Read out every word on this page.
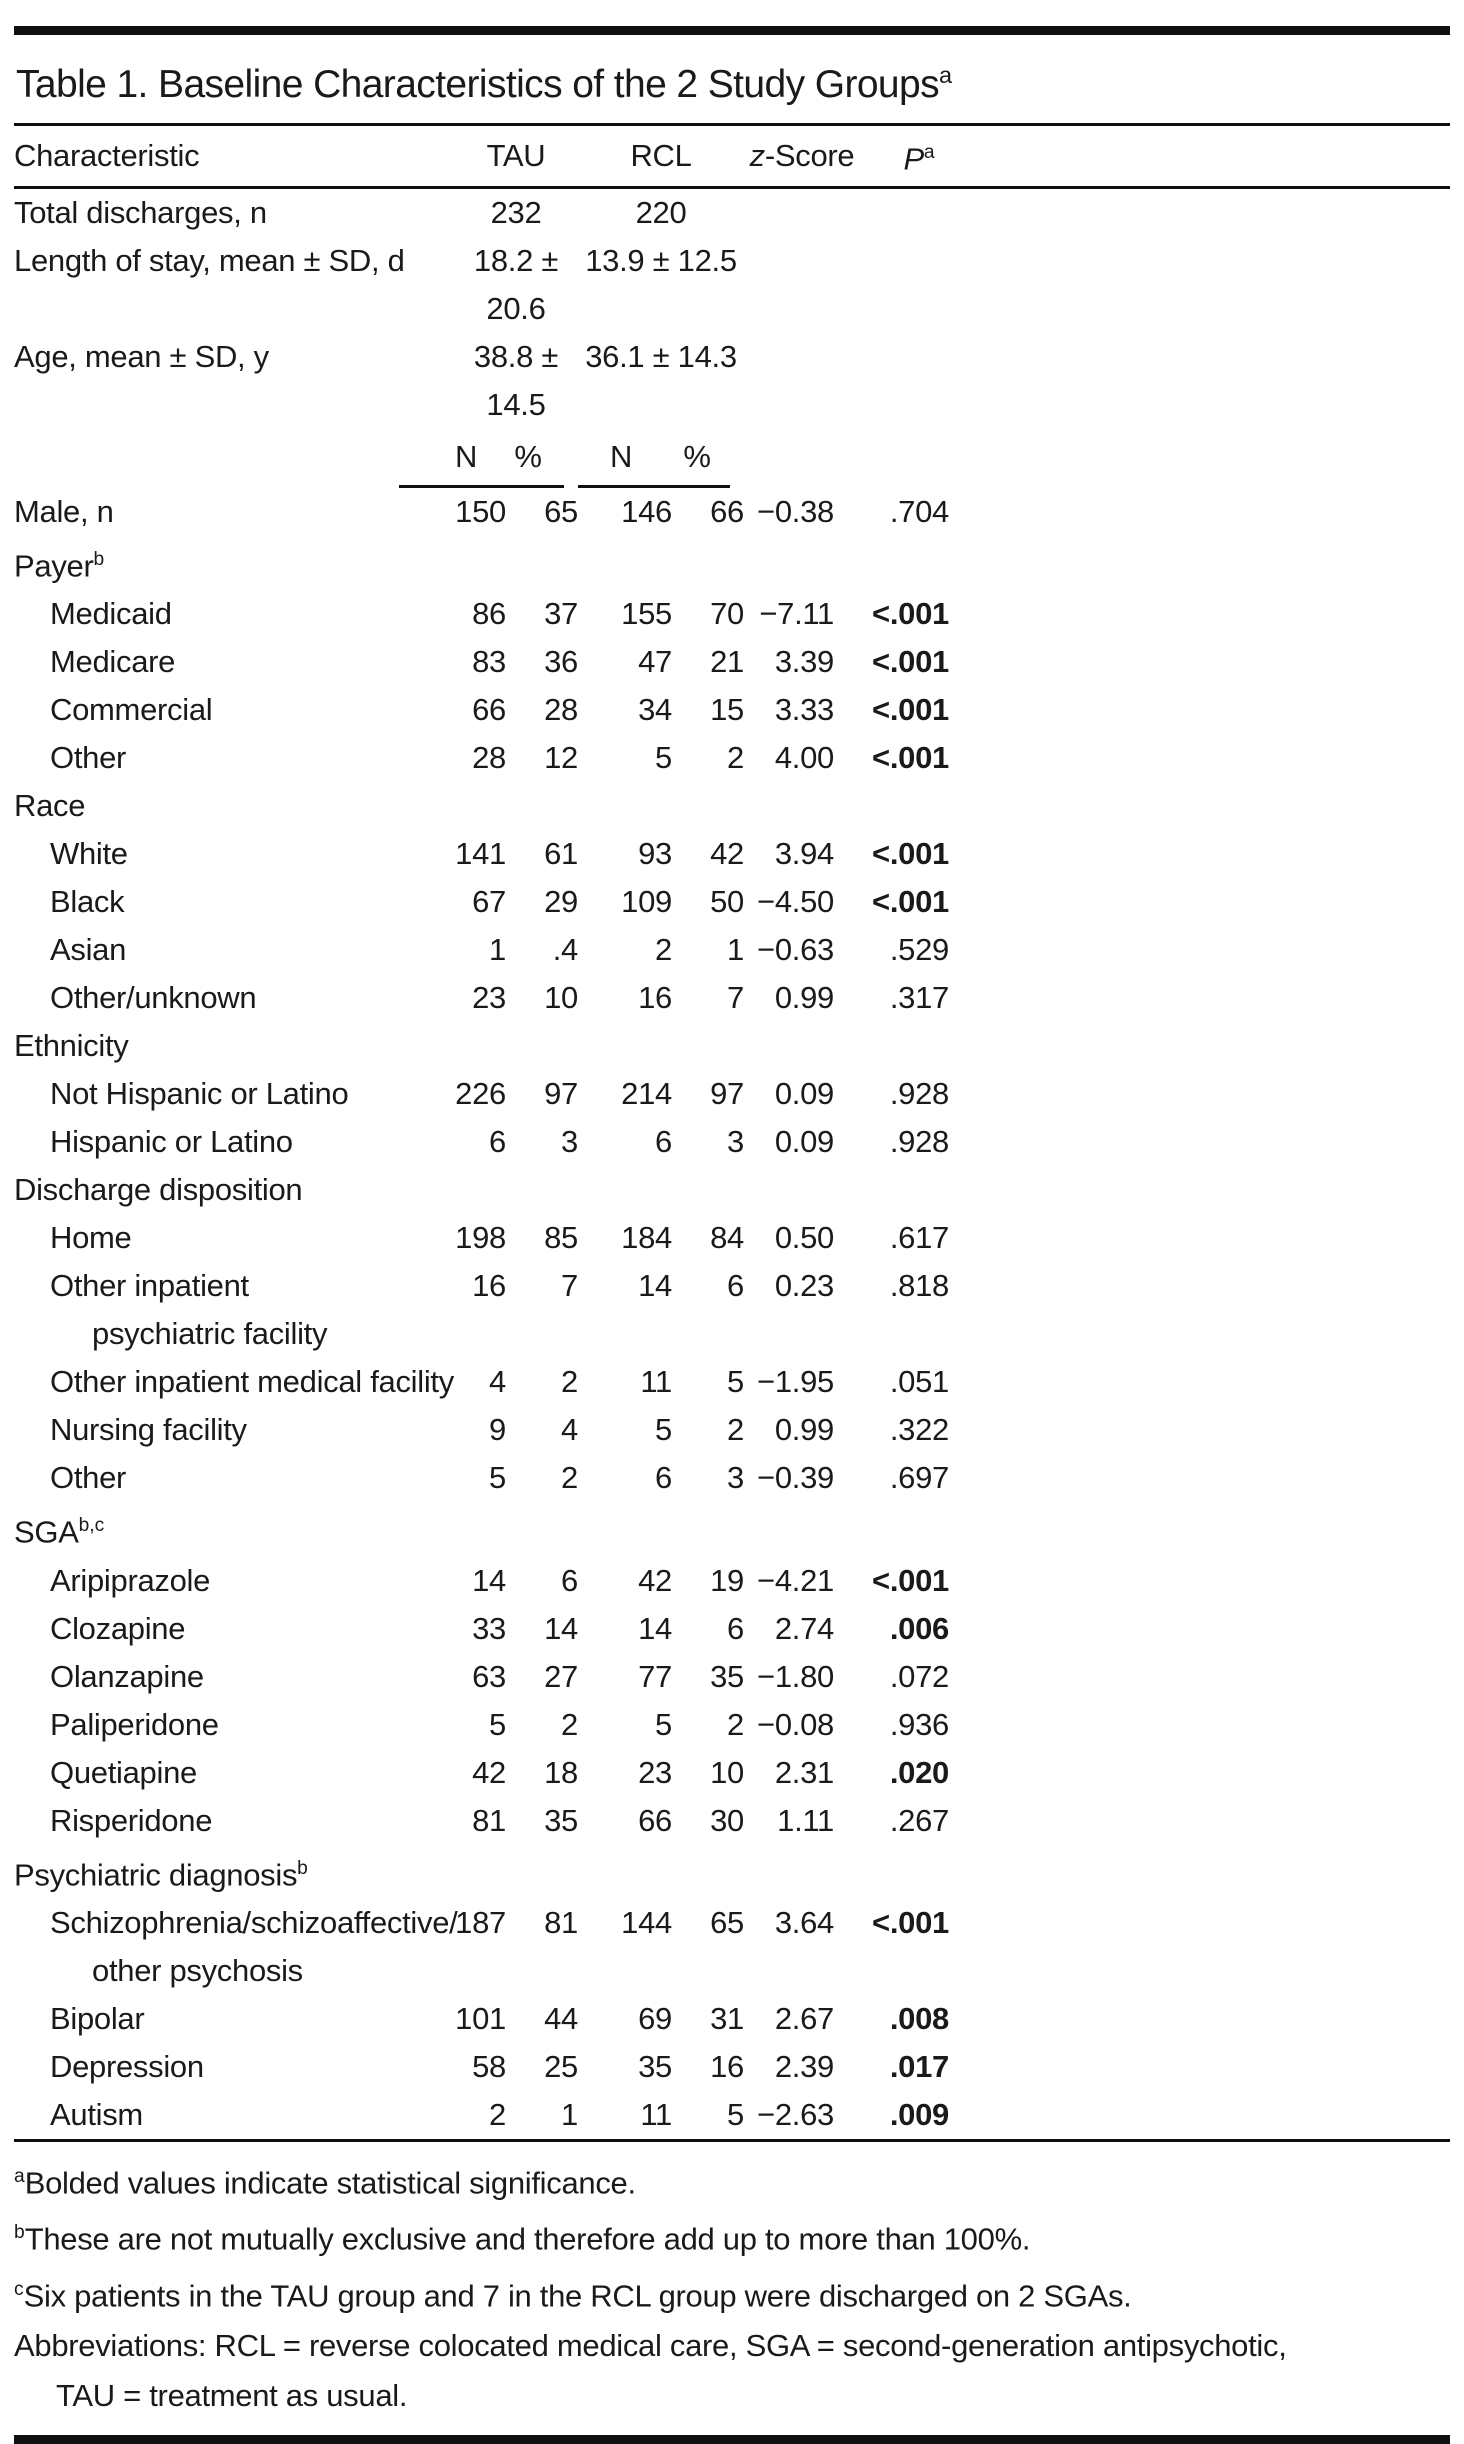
Table 1. Baseline Characteristics of the 2 Study Groups$^a$
Characteristic	TAU		RCL		z-Score	$P^a$	

Total discharges, n	232		220				

Length of stay, mean ± SD, d	18.2 ± 20.6		13.9 ± 12.5				

Age, mean ± SD, y	38.8 ± 14.5		36.1 ± 14.3				

	N %		N %				

Male, n	150	65	146	66	−0.38	.704	

Payer$^b$

Medicaid	86	37	155	70	−7.11	<.001	

Medicare	83	36	47	21	3.39	<.001	

Commercial	66	28	34	15	3.33	<.001	

Other	28	12	5	2	4.00	<.001	

Race							

White	141	61	93	42	3.94	<.001	

Black	67	29	109	50	−4.50	<.001	

Asian	1	.4	2	1	−0.63	.529	

Other/unknown	23	10	16	7	0.99	.317	

Ethnicity							

Not Hispanic or Latino	226	97	214	97	0.09	.928	

Hispanic or Latino	6	3	6	3	0.09	.928	

Discharge disposition							

Home	198	85	184	84	0.50	.617	

Other inpatient
psychiatric facility	16	7	14	6	0.23	.818	

Other inpatient medical facility	4	2	11	5	−1.95	.051	

Nursing facility	9	4	5	2	0.99	.322	

Other	5	2	6	3	−0.39	.697	

SGA$^{b,c}$

Aripiprazole	14	6	42	19	−4.21	<.001	

Clozapine	33	14	14	6	2.74	.006	

Olanzapine	63	27	77	35	−1.80	.072	

Paliperidone	5	2	5	2	−0.08	.936	

Quetiapine	42	18	23	10	2.31	.020	

Risperidone	81	35	66	30	1.11	.267	

Psychiatric diagnosis$^b$

Schizophrenia/schizoaffective/
other psychosis	187	81	144	65	3.64	<.001	

Bipolar	101	44	69	31	2.67	.008	

Depression	58	25	35	16	2.39	.017	

Autism	2	1	11	5	−2.63	.009	
$^a$Bolded values indicate statistical significance.
$^b$These are not mutually exclusive and therefore add up to more than 100%.
$^c$Six patients in the TAU group and 7 in the RCL group were discharged on 2 SGAs.
Abbreviations: RCL = reverse colocated medical care, SGA = second-generation antipsychotic, TAU = treatment as usual.
